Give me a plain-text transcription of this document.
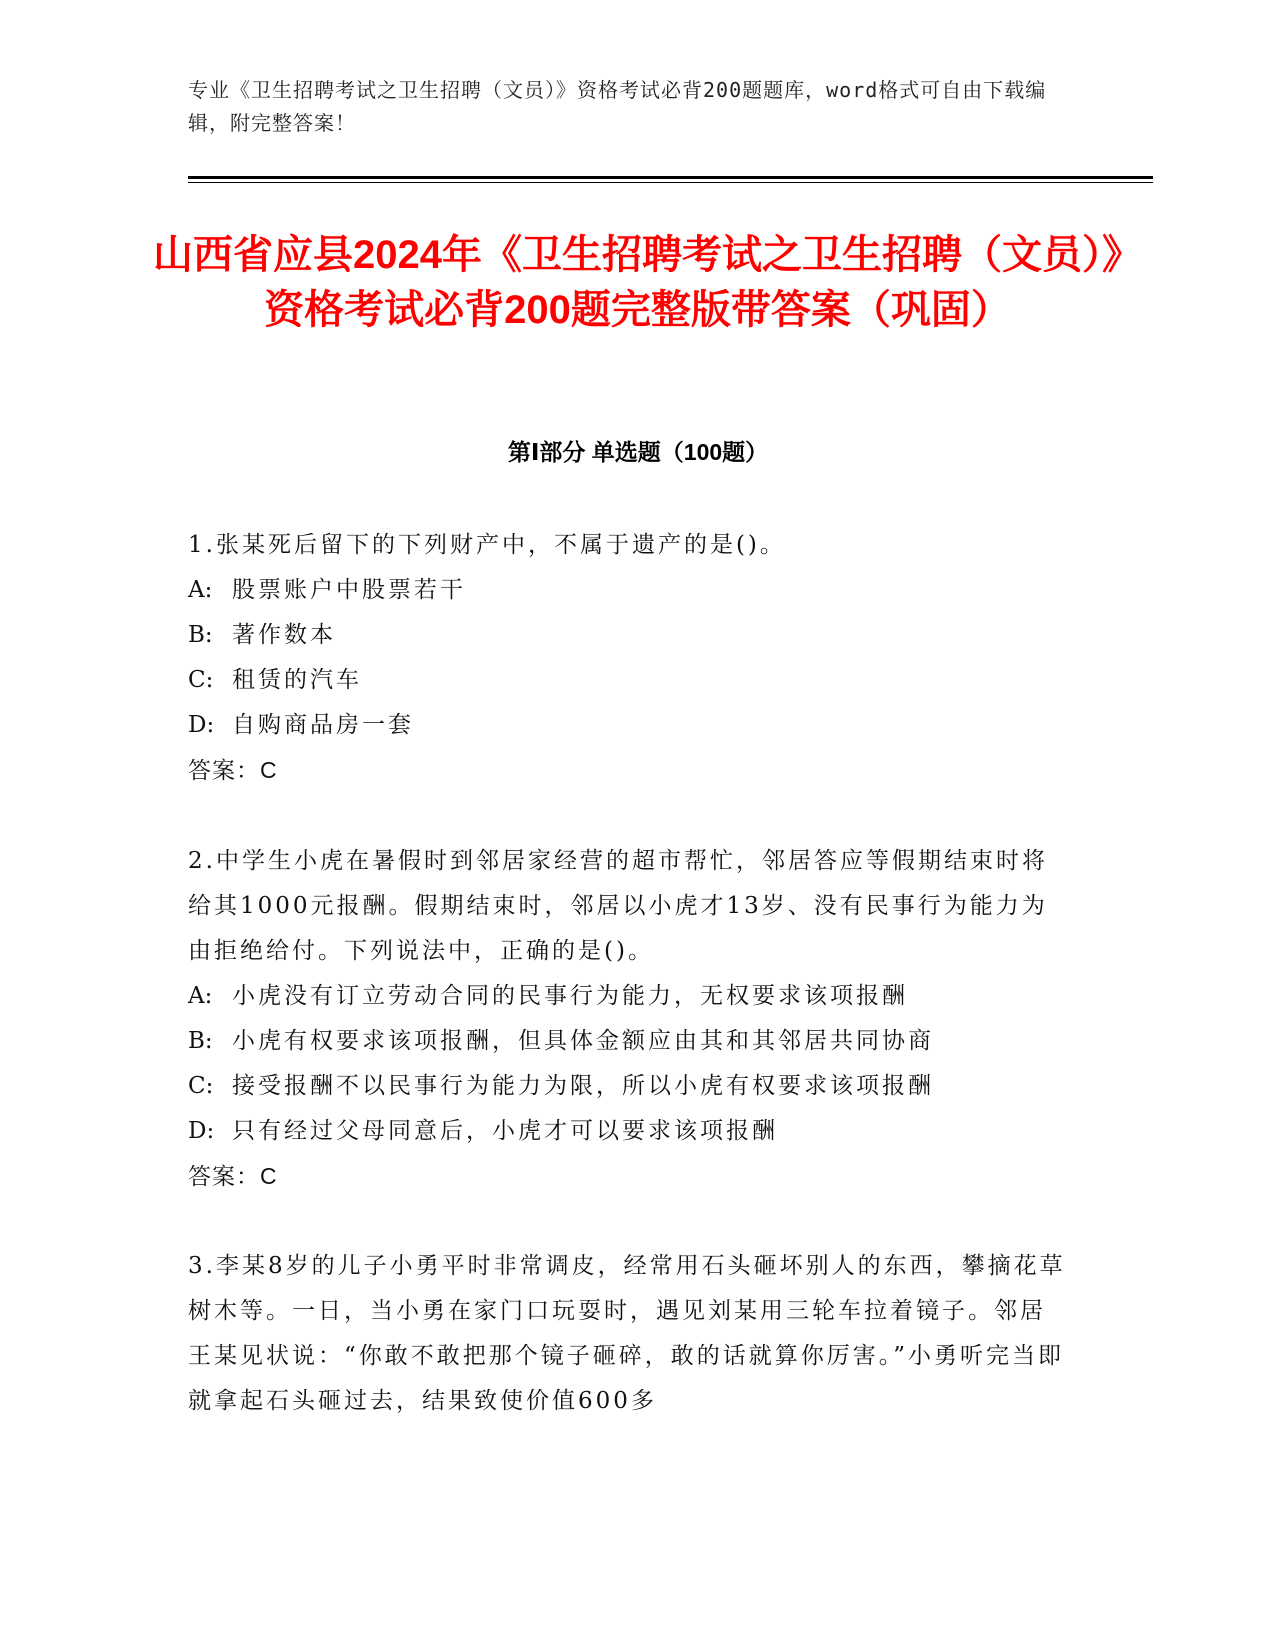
专业《卫生招聘考试之卫生招聘（文员）》资格考试必背200题题库，word格式可自由下载编辑，附完整答案！
山西省应县2024年《卫生招聘考试之卫生招聘（文员）》资格考试必背200题完整版带答案（巩固）
第Ⅰ部分 单选题（100题）
1.张某死后留下的下列财产中，不属于遗产的是()。
A: 股票账户中股票若干
B: 著作数本
C: 租赁的汽车
D: 自购商品房一套
答案：C
2.中学生小虎在暑假时到邻居家经营的超市帮忙，邻居答应等假期结束时将给其1000元报酬。假期结束时，邻居以小虎才13岁、没有民事行为能力为由拒绝给付。下列说法中，正确的是()。
A: 小虎没有订立劳动合同的民事行为能力，无权要求该项报酬
B: 小虎有权要求该项报酬，但具体金额应由其和其邻居共同协商
C: 接受报酬不以民事行为能力为限，所以小虎有权要求该项报酬
D: 只有经过父母同意后，小虎才可以要求该项报酬
答案：C
3.李某8岁的儿子小勇平时非常调皮，经常用石头砸坏别人的东西，攀摘花草树木等。一日，当小勇在家门口玩耍时，遇见刘某用三轮车拉着镜子。邻居王某见状说：“你敢不敢把那个镜子砸碎，敢的话就算你厉害。”小勇听完当即就拿起石头砸过去，结果致使价值600多
